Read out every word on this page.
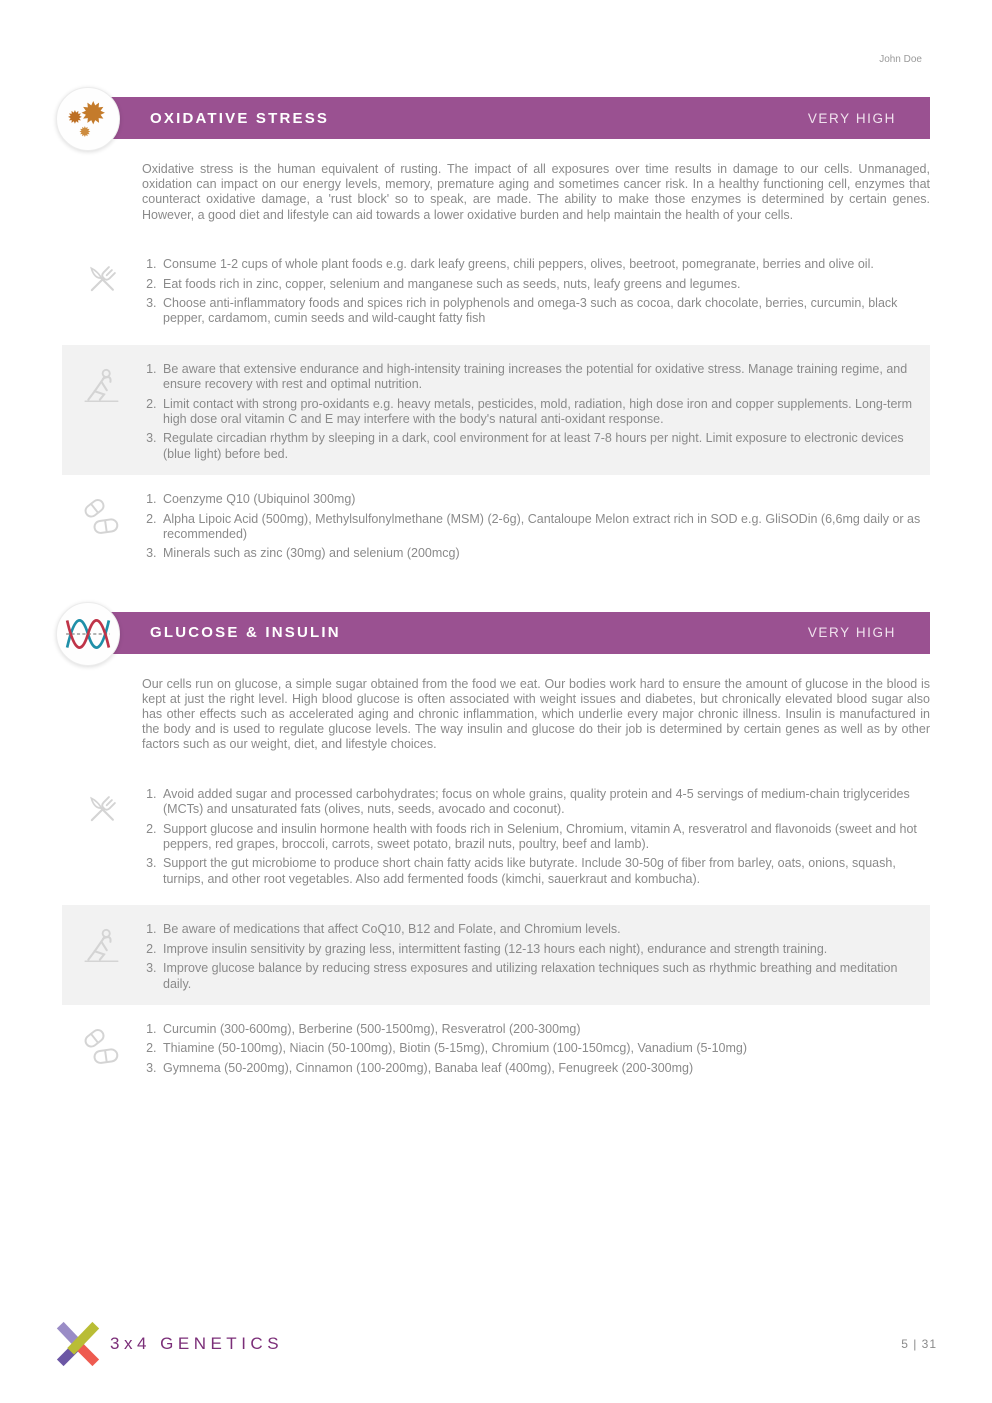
John Doe
OXIDATIVE STRESS	VERY HIGH
Oxidative stress is the human equivalent of rusting. The impact of all exposures over time results in damage to our cells. Unmanaged, oxidation can impact on our energy levels, memory, premature aging and sometimes cancer risk. In a healthy functioning cell, enzymes that counteract oxidative damage, a 'rust block' so to speak, are made. The ability to make those enzymes is determined by certain genes. However, a good diet and lifestyle can aid towards a lower oxidative burden and help maintain the health of your cells.
1. Consume 1-2 cups of whole plant foods e.g. dark leafy greens, chili peppers, olives, beetroot, pomegranate, berries and olive oil.
2. Eat foods rich in zinc, copper, selenium and manganese such as seeds, nuts, leafy greens and legumes.
3. Choose anti-inflammatory foods and spices rich in polyphenols and omega-3 such as cocoa, dark chocolate, berries, curcumin, black pepper, cardamom, cumin seeds and wild-caught fatty fish
1. Be aware that extensive endurance and high-intensity training increases the potential for oxidative stress. Manage training regime, and ensure recovery with rest and optimal nutrition.
2. Limit contact with strong pro-oxidants e.g. heavy metals, pesticides, mold, radiation, high dose iron and copper supplements. Long-term high dose oral vitamin C and E may interfere with the body's natural anti-oxidant response.
3. Regulate circadian rhythm by sleeping in a dark, cool environment for at least 7-8 hours per night. Limit exposure to electronic devices (blue light) before bed.
1. Coenzyme Q10 (Ubiquinol 300mg)
2. Alpha Lipoic Acid (500mg), Methylsulfonylmethane (MSM) (2-6g), Cantaloupe Melon extract rich in SOD e.g. GliSODin (6,6mg daily or as recommended)
3. Minerals such as zinc (30mg) and selenium (200mcg)
GLUCOSE & INSULIN	VERY HIGH
Our cells run on glucose, a simple sugar obtained from the food we eat. Our bodies work hard to ensure the amount of glucose in the blood is kept at just the right level. High blood glucose is often associated with weight issues and diabetes, but chronically elevated blood sugar also has other effects such as accelerated aging and chronic inflammation, which underlie every major chronic illness. Insulin is manufactured in the body and is used to regulate glucose levels. The way insulin and glucose do their job is determined by certain genes as well as by other factors such as our weight, diet, and lifestyle choices.
1. Avoid added sugar and processed carbohydrates; focus on whole grains, quality protein and 4-5 servings of medium-chain triglycerides (MCTs) and unsaturated fats (olives, nuts, seeds, avocado and coconut).
2. Support glucose and insulin hormone health with foods rich in Selenium, Chromium, vitamin A, resveratrol and flavonoids (sweet and hot peppers, red grapes, broccoli, carrots, sweet potato, brazil nuts, poultry, beef and lamb).
3. Support the gut microbiome to produce short chain fatty acids like butyrate. Include 30-50g of fiber from barley, oats, onions, squash, turnips, and other root vegetables. Also add fermented foods (kimchi, sauerkraut and kombucha).
1. Be aware of medications that affect CoQ10, B12 and Folate, and Chromium levels.
2. Improve insulin sensitivity by grazing less, intermittent fasting (12-13 hours each night), endurance and strength training.
3. Improve glucose balance by reducing stress exposures and utilizing relaxation techniques such as rhythmic breathing and meditation daily.
1. Curcumin (300-600mg), Berberine (500-1500mg), Resveratrol (200-300mg)
2. Thiamine (50-100mg), Niacin (50-100mg), Biotin (5-15mg), Chromium (100-150mcg), Vanadium (5-10mg)
3. Gymnema (50-200mg), Cinnamon (100-200mg), Banaba leaf (400mg), Fenugreek (200-300mg)
3x4 GENETICS	5 | 31
